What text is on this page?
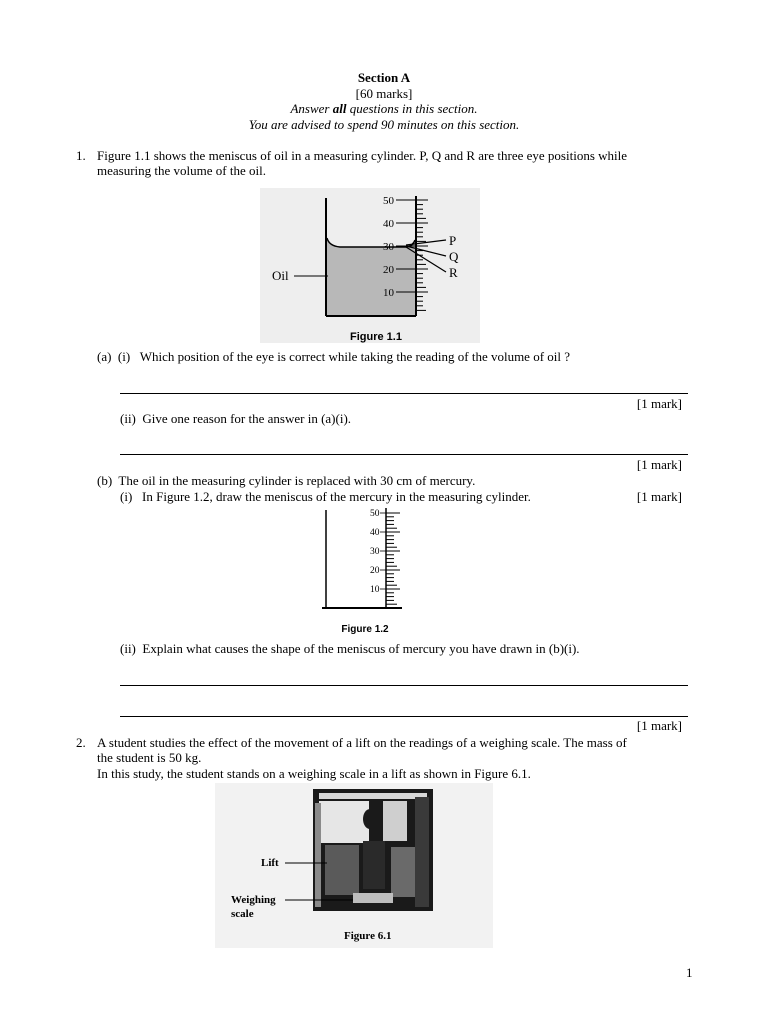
Section A
[60 marks]
Answer all questions in this section.
You are advised to spend 90 minutes on this section.
1. Figure 1.1 shows the meniscus of oil in a measuring cylinder. P, Q and R are three eye positions while
measuring the volume of the oil.
50
40
30
20
10
P
Q
R
Oil
Figure 1.1
(a)  (i)   Which position of the eye is correct while taking the reading of the volume of oil ?
[1 mark]
(ii)  Give one reason for the answer in (a)(i).
[1 mark]
(b)  The oil in the measuring cylinder is replaced with 30 cm of mercury.
(i)   In Figure 1.2, draw the meniscus of the mercury in the measuring cylinder.	[1 mark]
50
40
30
20
10
Figure 1.2
(ii)  Explain what causes the shape of the meniscus of mercury you have drawn in (b)(i).
[1 mark]
2. A student studies the effect of the movement of a lift on the readings of a weighing scale. The mass of
the student is 50 kg.
In this study, the student stands on a weighing scale in a lift as shown in Figure 6.1.
Lift
Weighing
scale
Figure 6.1
1
